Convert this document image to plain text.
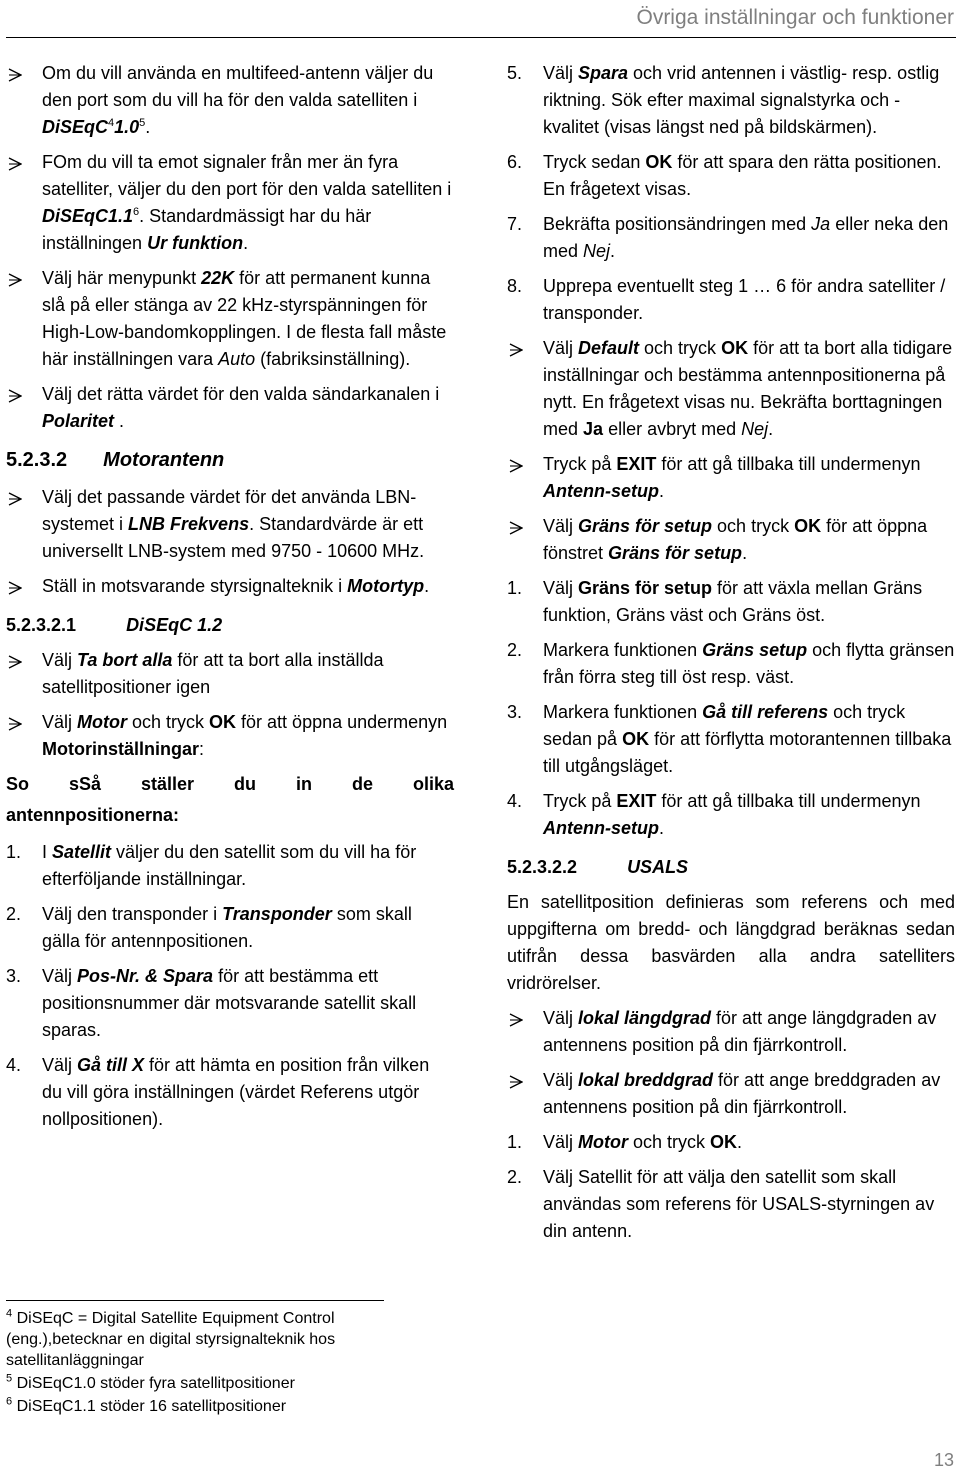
Övriga inställningar och funktioner
Om du vill använda en multifeed-antenn väljer du den port som du vill ha för den valda satelliten i $DiSEqC^41.0^5$.
FOm du vill ta emot signaler från mer än fyra satelliter, väljer du den port för den valda satelliten i $DiSEqC1.1^6$. Standardmässigt har du här inställningen Ur funktion.
Välj här menypunkt 22K för att permanent kunna slå på eller stänga av 22 kHz-styrspänningen för High-Low-bandomkopplingen. I de flesta fall måste här inställningen vara Auto (fabriksinställning).
Välj det rätta värdet för den valda sändarkanalen i Polaritet .
5.2.3.2 Motorantenn
Välj det passande värdet för det använda LBN-systemet i LNB Frekvens. Standardvärde är ett universellt LNB-system med 9750 - 10600 MHz.
Ställ in motsvarande styrsignalteknik i Motortyp.
5.2.3.2.1	DiSEqC 1.2
Välj Ta bort alla för att ta bort alla inställda satellitpositioner igen
Välj Motor och tryck OK för att öppna undermenyn Motorinställningar:
So sSå ställer du in de olika
antennpositionerna:
1. I Satellit väljer du den satellit som du vill ha för efterföljande inställningar.
2. Välj den transponder i Transponder som skall gälla för antennpositionen.
3. Välj Pos-Nr. & Spara för att bestämma ett positionsnummer där motsvarande satellit skall sparas.
4. Välj Gå till X för att hämta en position från vilken du vill göra inställningen (värdet Referens utgör nollpositionen).

$^4$ DiSEqC = Digital Satellite Equipment Control (eng.),betecknar en digital styrsignalteknik hos satellitanläggningar

$^5$ DiSEqC1.0 stöder fyra satellitpositioner

$^6$ DiSEqC1.1 stöder 16 satellitpositioner

5. Välj Spara och vrid antennen i västlig- resp. ostlig riktning. Sök efter maximal signalstyrka och -kvalitet (visas längst ned på bildskärmen).
6. Tryck sedan OK för att spara den rätta positionen. En frågetext visas.
7. Bekräfta positionsändringen med Ja eller neka den med Nej.
8. Upprepa eventuellt steg 1 … 6 för andra satelliter / transponder.
Välj Default och tryck OK för att ta bort alla tidigare inställningar och bestämma antennpositionerna på nytt. En frågetext visas nu. Bekräfta borttagningen med Ja eller avbryt med Nej.
Tryck på EXIT för att gå tillbaka till undermenyn Antenn-setup.
Välj Gräns för setup och tryck OK för att öppna fönstret Gräns för setup.
1. Välj Gräns för setup för att växla mellan Gräns funktion, Gräns väst och Gräns öst.
2. Markera funktionen Gräns setup och flytta gränsen från förra steg till öst resp. väst.
3. Markera funktionen Gå till referens och tryck sedan på OK för att förflytta motorantennen tillbaka till utgångsläget.
4. Tryck på EXIT för att gå tillbaka till undermenyn Antenn-setup.
5.2.3.2.2	USALS
En satellitposition definieras som referens och med uppgifterna om bredd- och längdgrad beräknas sedan utifrån dessa basvärden alla andra satelliters vridrörelser.
Välj lokal längdgrad för att ange längdgraden av antennens position på din fjärrkontroll.
Välj lokal breddgrad för att ange breddgraden av antennens position på din fjärrkontroll.
1. Välj Motor och tryck OK.
2. Välj Satellit för att välja den satellit som skall användas som referens för USALS-styrningen av din antenn.
13
